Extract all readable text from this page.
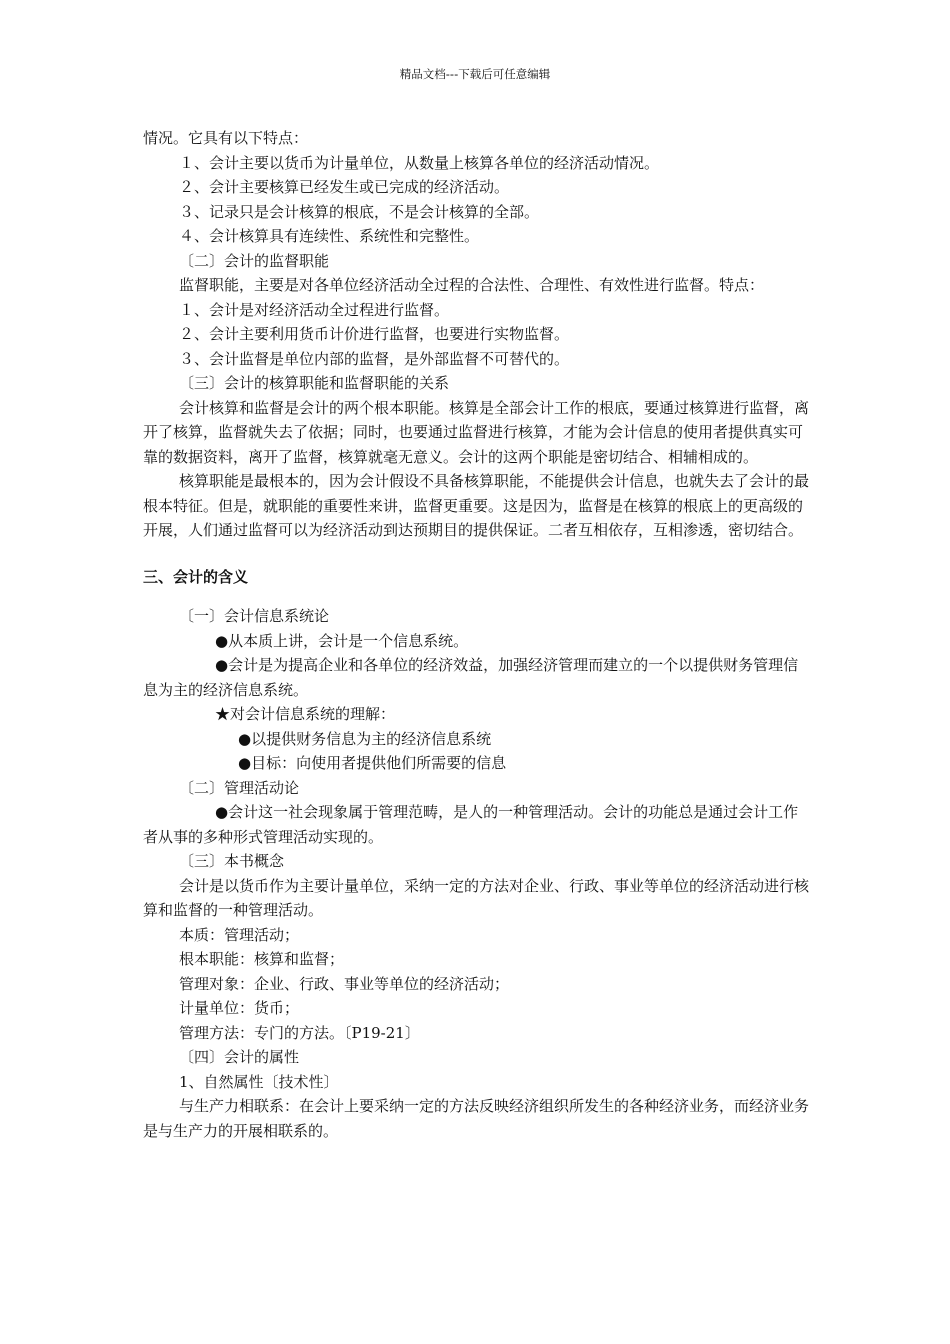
精品文档---下载后可任意编辑

情况。它具有以下特点：

１、会计主要以货币为计量单位，从数量上核算各单位的经济活动情况。

２、会计主要核算已经发生或已完成的经济活动。

３、记录只是会计核算的根底，不是会计核算的全部。

４、会计核算具有连续性、系统性和完整性。

〔二〕会计的监督职能

监督职能，主要是对各单位经济活动全过程的合法性、合理性、有效性进行监督。特点：

１、会计是对经济活动全过程进行监督。

２、会计主要利用货币计价进行监督，也要进行实物监督。

３、会计监督是单位内部的监督，是外部监督不可替代的。

〔三〕会计的核算职能和监督职能的关系

会计核算和监督是会计的两个根本职能。核算是全部会计工作的根底，要通过核算进行监督，离开了核算，监督就失去了依据；同时，也要通过监督进行核算，才能为会计信息的使用者提供真实可靠的数据资料，离开了监督，核算就毫无意义。会计的这两个职能是密切结合、相辅相成的。

核算职能是最根本的，因为会计假设不具备核算职能，不能提供会计信息，也就失去了会计的最根本特征。但是，就职能的重要性来讲，监督更重要。这是因为，监督是在核算的根底上的更高级的开展，人们通过监督可以为经济活动到达预期目的提供保证。二者互相依存，互相渗透，密切结合。

三、会计的含义

〔一〕会计信息系统论

●从本质上讲，会计是一个信息系统。

●会计是为提高企业和各单位的经济效益，加强经济管理而建立的一个以提供财务管理信息为主的经济信息系统。

★对会计信息系统的理解：

●以提供财务信息为主的经济信息系统

●目标：向使用者提供他们所需要的信息

〔二〕管理活动论

●会计这一社会现象属于管理范畴，是人的一种管理活动。会计的功能总是通过会计工作者从事的多种形式管理活动实现的。

〔三〕本书概念

会计是以货币作为主要计量单位，采纳一定的方法对企业、行政、事业等单位的经济活动进行核算和监督的一种管理活动。

本质：管理活动；

根本职能：核算和监督；

管理对象：企业、行政、事业等单位的经济活动；

计量单位：货币；

管理方法：专门的方法。〔P19-21〕

〔四〕会计的属性

1、自然属性〔技术性〕

与生产力相联系：在会计上要采纳一定的方法反映经济组织所发生的各种经济业务，而经济业务是与生产力的开展相联系的。
